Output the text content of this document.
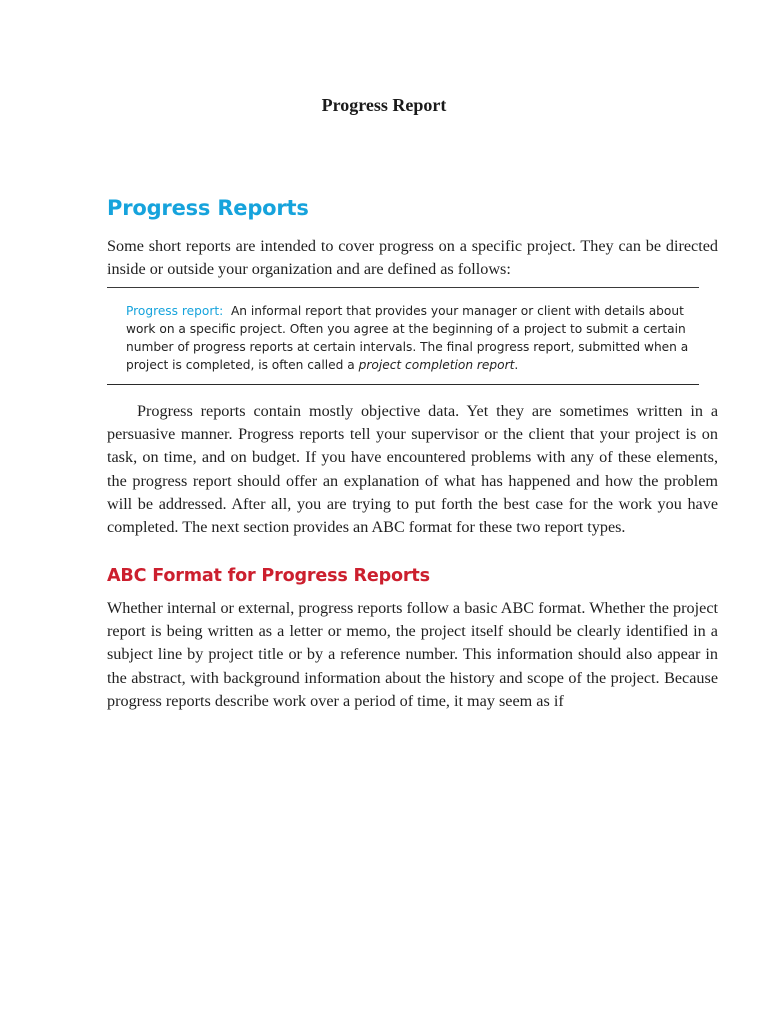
Progress Report
Progress Reports

Some short reports are intended to cover progress on a specific project. They can be directed inside or outside your organization and are defined as follows:

Progress report: An informal report that provides your manager or client with details about work on a specific project. Often you agree at the beginning of a project to submit a certain number of progress reports at certain intervals. The final progress report, submitted when a project is completed, is often called a project completion report.

Progress reports contain mostly objective data. Yet they are sometimes written in a persuasive manner. Progress reports tell your supervisor or the client that your project is on task, on time, and on budget. If you have encountered problems with any of these elements, the progress report should offer an explanation of what has happened and how the problem will be addressed. After all, you are trying to put forth the best case for the work you have completed. The next section provides an ABC format for these two report types.

ABC Format for Progress Reports

Whether internal or external, progress reports follow a basic ABC format. Whether the project report is being written as a letter or memo, the project itself should be clearly identified in a subject line by project title or by a reference number. This information should also appear in the abstract, with background information about the history and scope of the project. Because progress reports describe work over a period of time, it may seem as if
